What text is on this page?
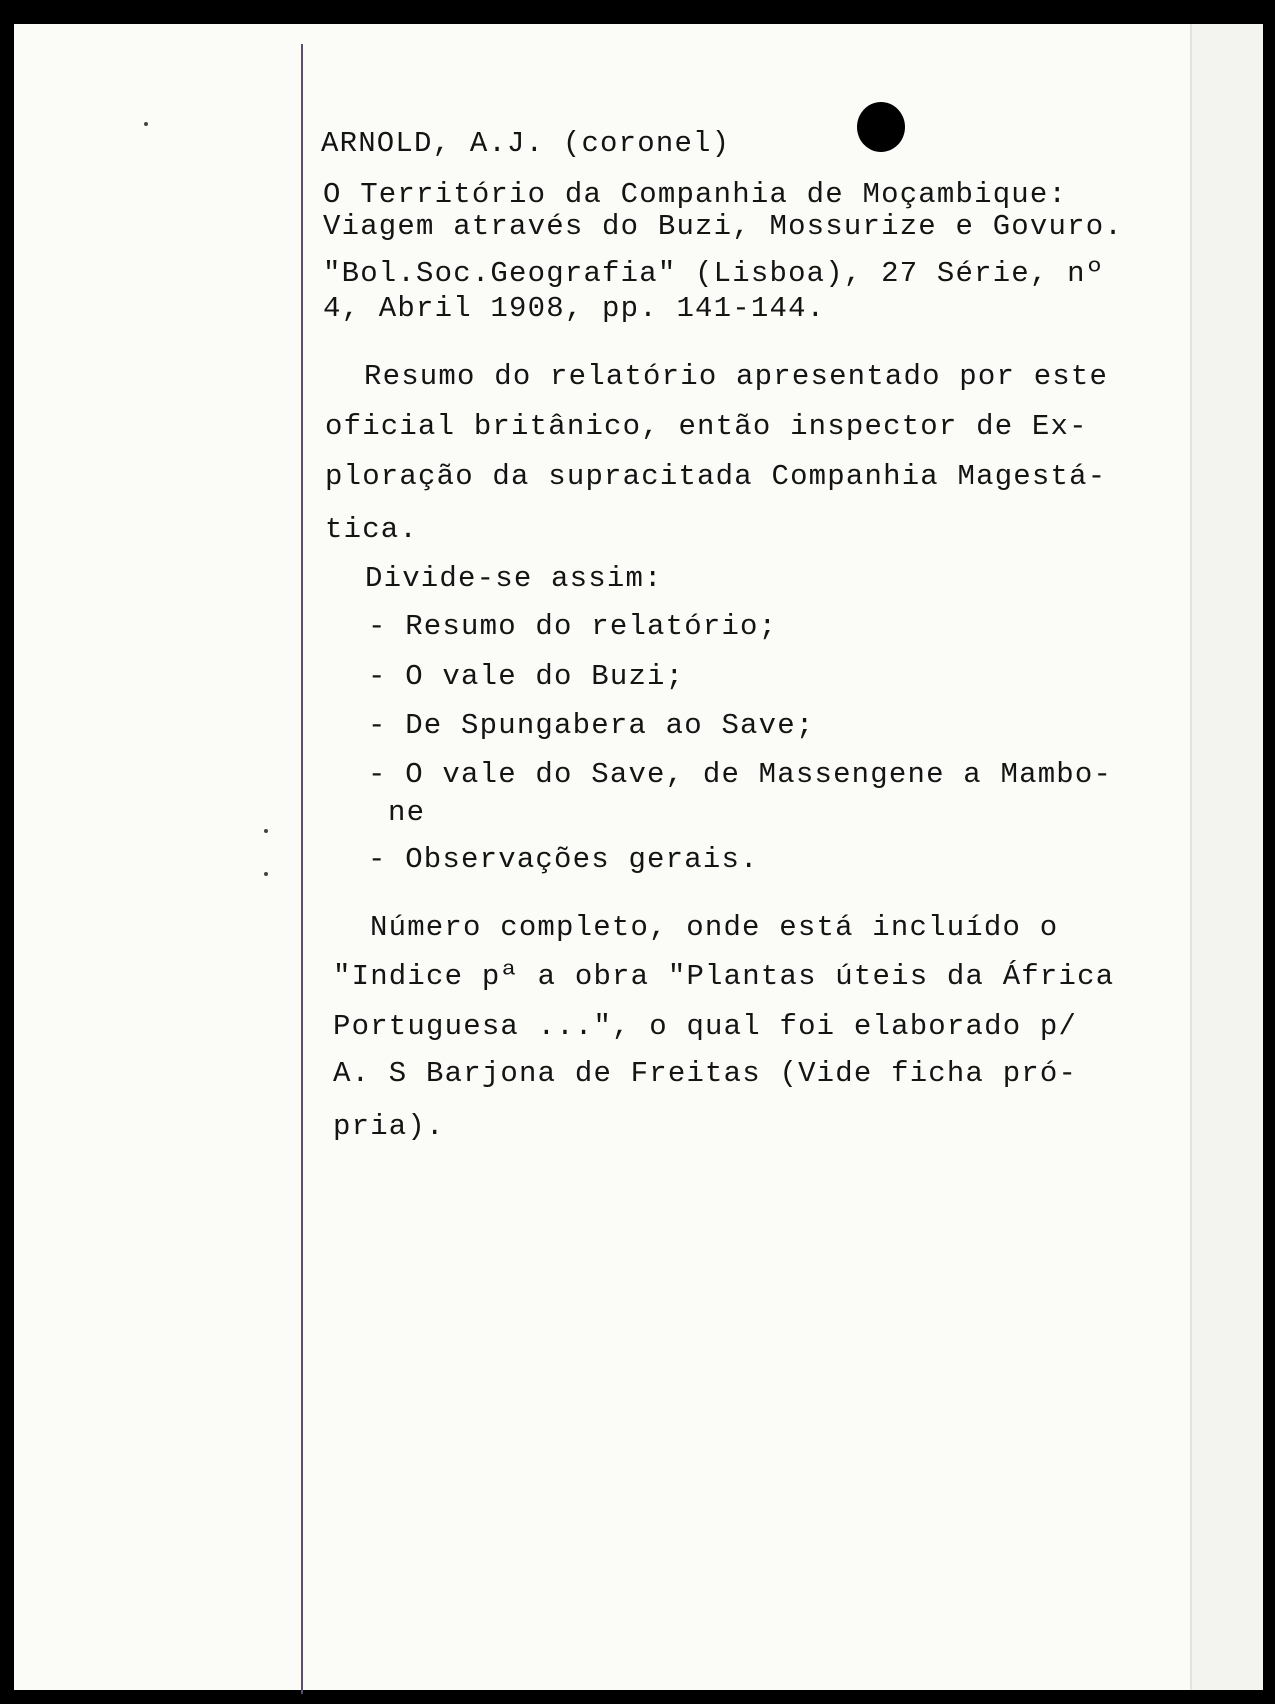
ARNOLD, A.J. (coronel)
O Território da Companhia de Moçambique:
Viagem através do Buzi, Mossurize e Govuro.
"Bol.Soc.Geografia" (Lisboa), 27 Série, nº
4, Abril 1908, pp. 141-144.
Resumo do relatório apresentado por este
oficial britânico, então inspector de Ex-
ploração da supracitada Companhia Magestá-
tica.
Divide-se assim:
- Resumo do relatório;
- O vale do Buzi;
- De Spungabera ao Save;
- O vale do Save, de Massengene a Mambo-
ne
- Observações gerais.
Número completo, onde está incluído o
"Indice pª a obra "Plantas úteis da África
Portuguesa ...", o qual foi elaborado p/
A. S Barjona de Freitas (Vide ficha pró-
pria).
